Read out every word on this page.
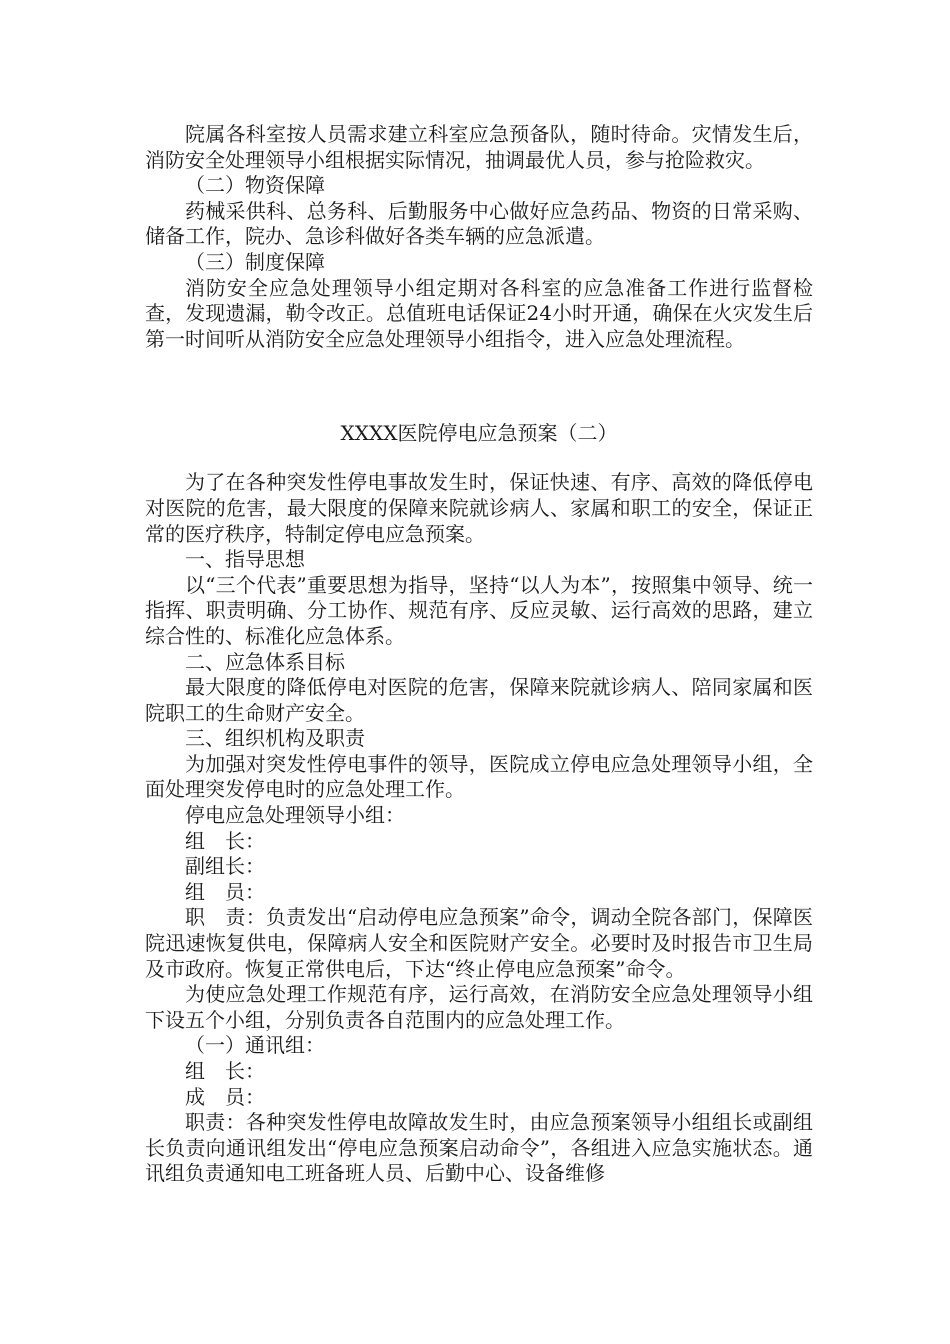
院属各科室按人员需求建立科室应急预备队，随时待命。灾情发生后，消防安全处理领导小组根据实际情况，抽调最优人员，参与抢险救灾。

（二）物资保障

药械采供科、总务科、后勤服务中心做好应急药品、物资的日常采购、储备工作，院办、急诊科做好各类车辆的应急派遣。

（三）制度保障

消防安全应急处理领导小组定期对各科室的应急准备工作进行监督检查，发现遗漏，勒令改正。总值班电话保证24小时开通，确保在火灾发生后第一时间听从消防安全应急处理领导小组指令，进入应急处理流程。

XXXX医院停电应急预案（二）

为了在各种突发性停电事故发生时，保证快速、有序、高效的降低停电对医院的危害，最大限度的保障来院就诊病人、家属和职工的安全，保证正常的医疗秩序，特制定停电应急预案。

一、指导思想

以“三个代表”重要思想为指导，坚持“以人为本”，按照集中领导、统一指挥、职责明确、分工协作、规范有序、反应灵敏、运行高效的思路，建立综合性的、标准化应急体系。

二、应急体系目标

最大限度的降低停电对医院的危害，保障来院就诊病人、陪同家属和医院职工的生命财产安全。

三、组织机构及职责

为加强对突发性停电事件的领导，医院成立停电应急处理领导小组，全面处理突发停电时的应急处理工作。

停电应急处理领导小组：

组　长：

副组长：

组　员：

职　责：负责发出“启动停电应急预案”命令，调动全院各部门，保障医院迅速恢复供电，保障病人安全和医院财产安全。必要时及时报告市卫生局及市政府。恢复正常供电后，下达“终止停电应急预案”命令。

为使应急处理工作规范有序，运行高效，在消防安全应急处理领导小组下设五个小组，分别负责各自范围内的应急处理工作。

（一）通讯组：

组　长：

成　员：

职责：各种突发性停电故障故发生时，由应急预案领导小组组长或副组长负责向通讯组发出“停电应急预案启动命令”，各组进入应急实施状态。通讯组负责通知电工班备班人员、后勤中心、设备维修
